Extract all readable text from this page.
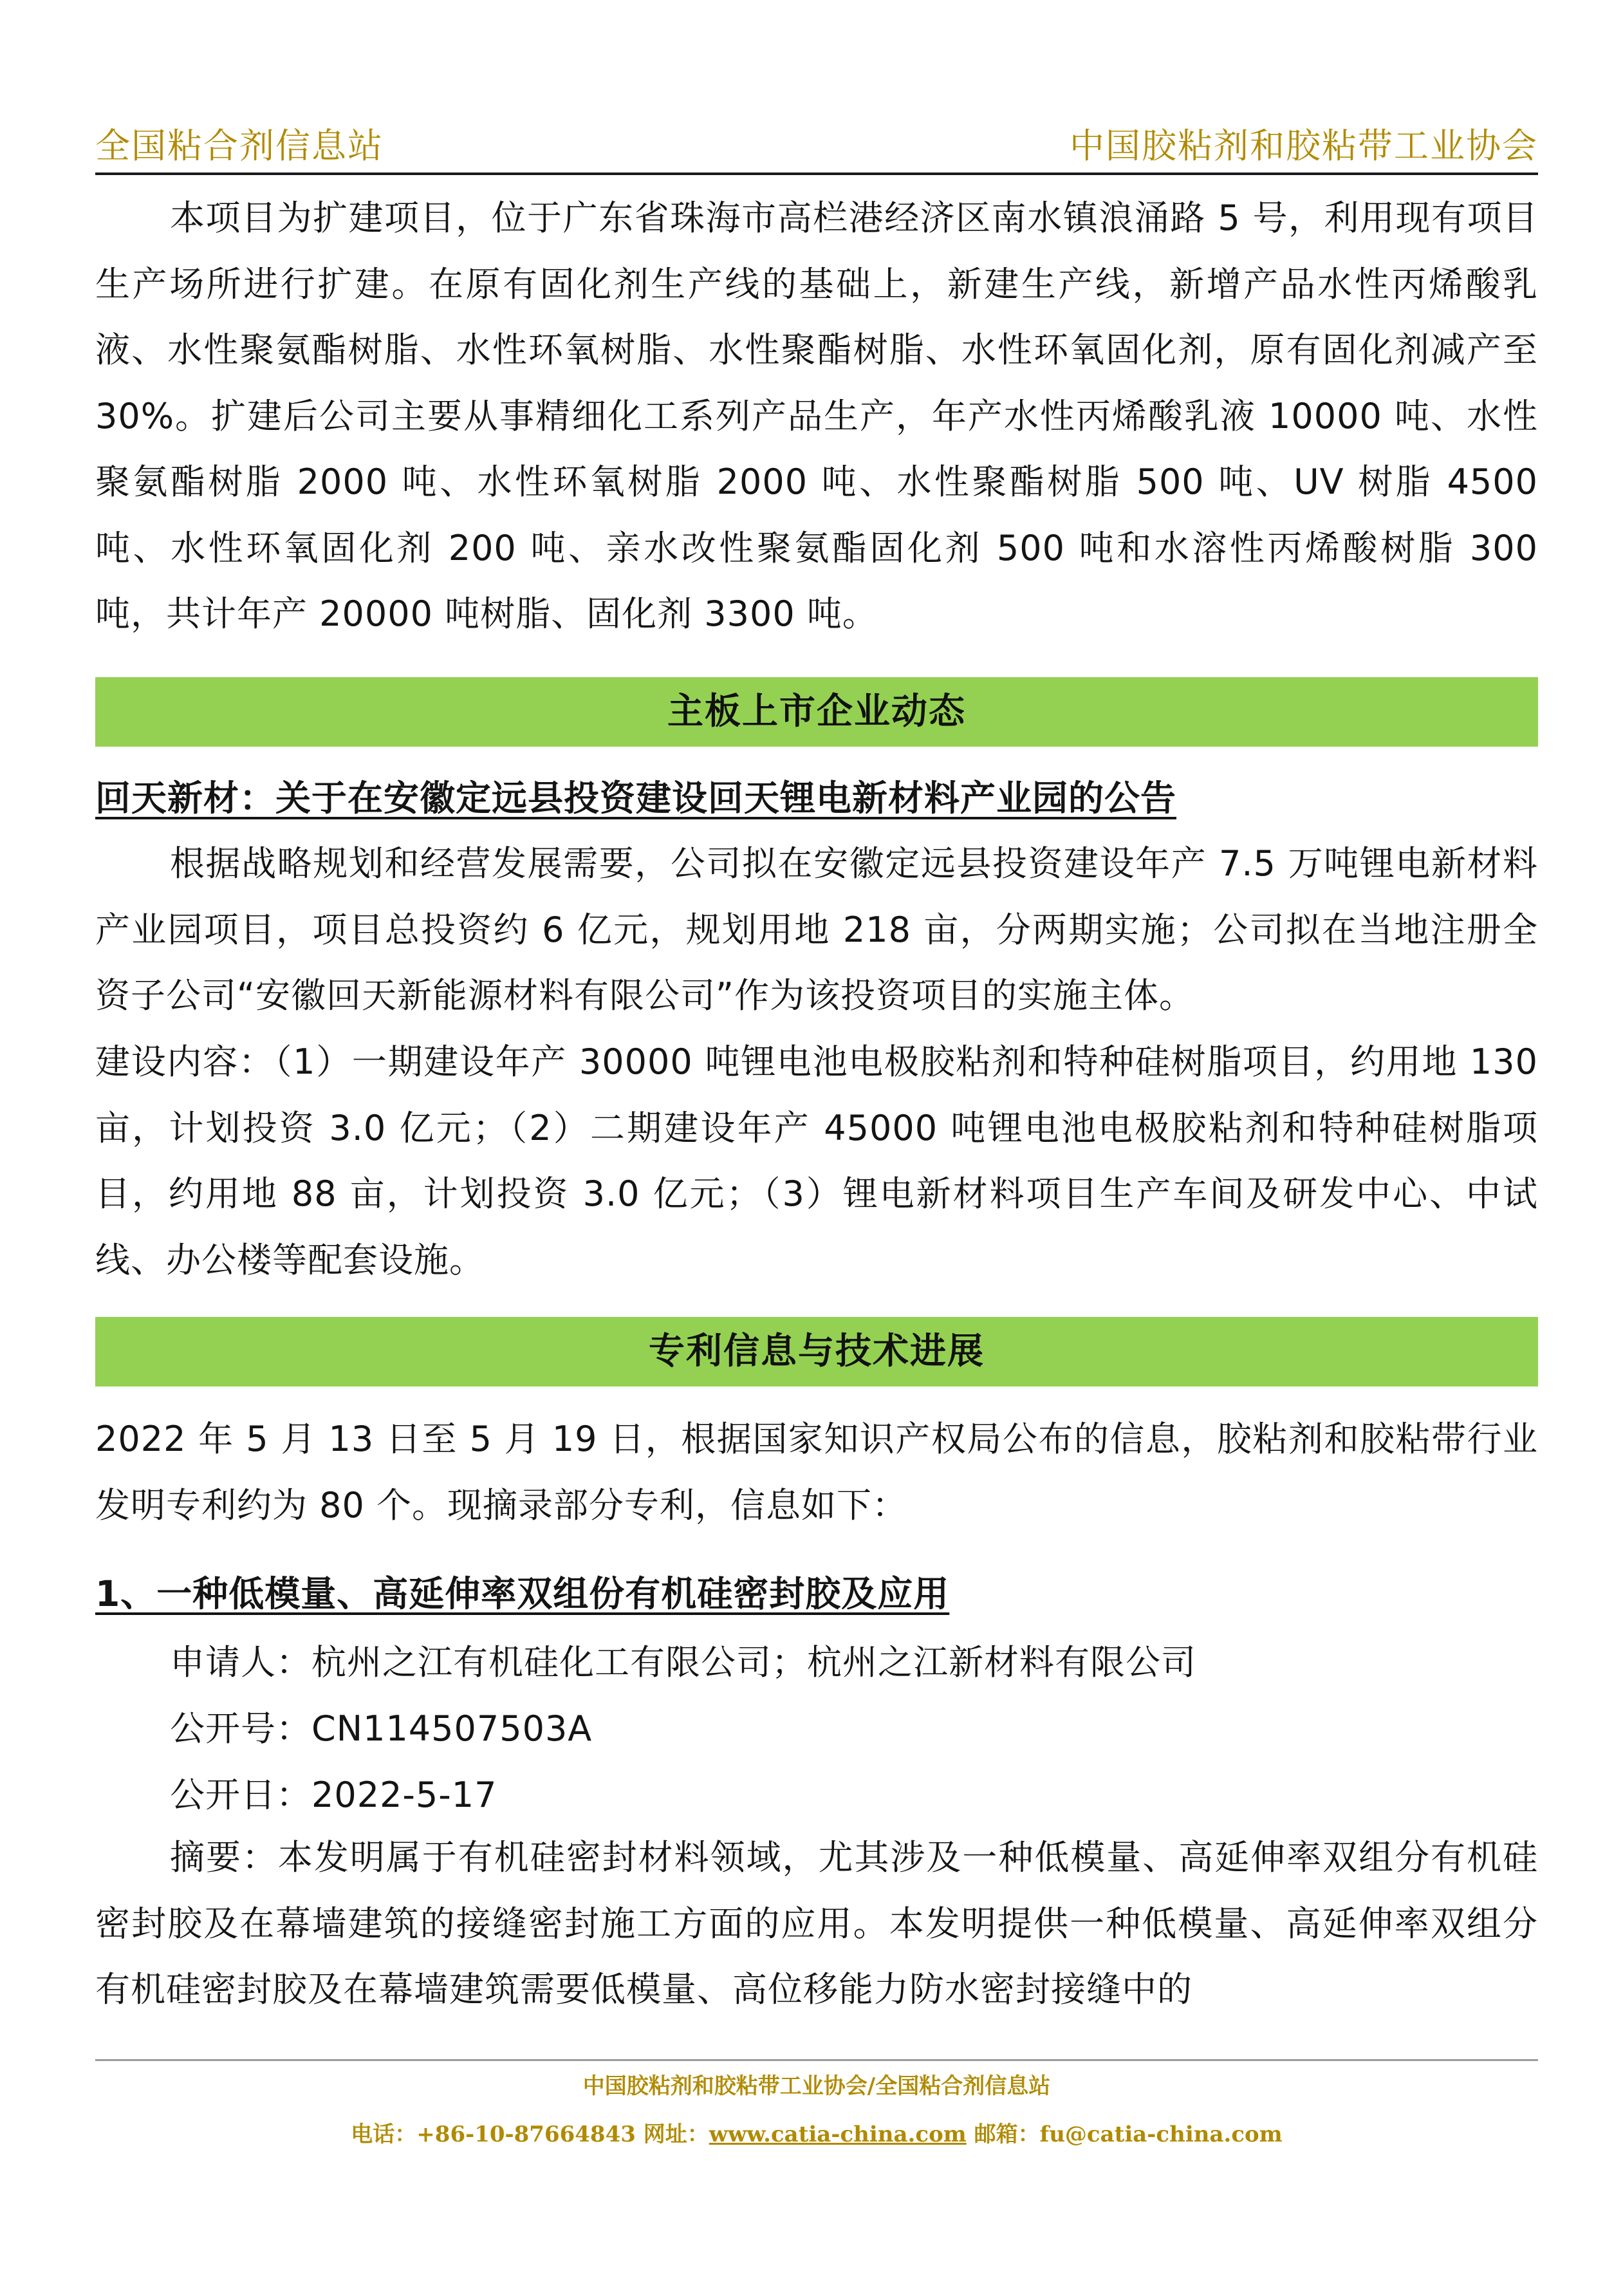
全国粘合剂信息站	中国胶粘剂和胶粘带工业协会

本项目为扩建项目，位于广东省珠海市高栏港经济区南水镇浪涌路 5 号，利用现有项目生产场所进行扩建。在原有固化剂生产线的基础上，新建生产线，新增产品水性丙烯酸乳液、水性聚氨酯树脂、水性环氧树脂、水性聚酯树脂、水性环氧固化剂，原有固化剂减产至 30%。扩建后公司主要从事精细化工系列产品生产，年产水性丙烯酸乳液 10000 吨、水性聚氨酯树脂 2000 吨、水性环氧树脂 2000 吨、水性聚酯树脂 500 吨、UV 树脂 4500 吨、水性环氧固化剂 200 吨、亲水改性聚氨酯固化剂 500 吨和水溶性丙烯酸树脂 300 吨，共计年产 20000 吨树脂、固化剂 3300 吨。

主板上市企业动态
回天新材：关于在安徽定远县投资建设回天锂电新材料产业园的公告

根据战略规划和经营发展需要，公司拟在安徽定远县投资建设年产 7.5 万吨锂电新材料产业园项目，项目总投资约 6 亿元，规划用地 218 亩，分两期实施；公司拟在当地注册全资子公司“安徽回天新能源材料有限公司”作为该投资项目的实施主体。

建设内容：（1）一期建设年产 30000 吨锂电池电极胶粘剂和特种硅树脂项目，约用地 130 亩，计划投资 3.0 亿元；（2）二期建设年产 45000 吨锂电池电极胶粘剂和特种硅树脂项目，约用地 88 亩，计划投资 3.0 亿元；（3）锂电新材料项目生产车间及研发中心、中试线、办公楼等配套设施。

专利信息与技术进展

2022 年 5 月 13 日至 5 月 19 日，根据国家知识产权局公布的信息，胶粘剂和胶粘带行业发明专利约为 80 个。现摘录部分专利，信息如下：

1、一种低模量、高延伸率双组份有机硅密封胶及应用
申请人：杭州之江有机硅化工有限公司；杭州之江新材料有限公司
公开号：CN114507503A
公开日：2022-5-17

摘要：本发明属于有机硅密封材料领域，尤其涉及一种低模量、高延伸率双组分有机硅密封胶及在幕墙建筑的接缝密封施工方面的应用。本发明提供一种低模量、高延伸率双组分有机硅密封胶及在幕墙建筑需要低模量、高位移能力防水密封接缝中的

中国胶粘剂和胶粘带工业协会/全国粘合剂信息站
电话：+86-10-87664843 网址：www.catia-china.com 邮箱：fu@catia-china.com
